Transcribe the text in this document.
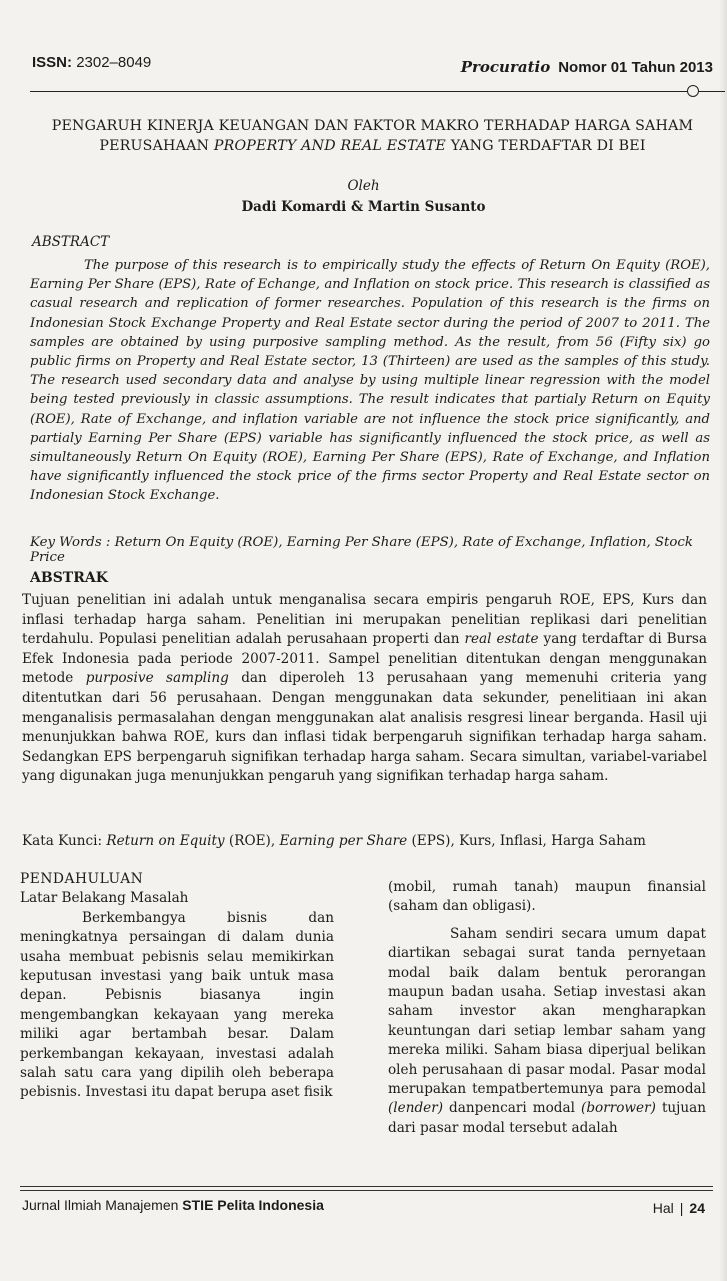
ISSN: 2302–8049	Procuratio Nomor 01 Tahun 2013
PENGARUH KINERJA KEUANGAN DAN FAKTOR MAKRO TERHADAP HARGA SAHAM
PERUSAHAAN PROPERTY AND REAL ESTATE YANG TERDAFTAR DI BEI
Oleh
Dadi Komardi & Martin Susanto
ABSTRACT
The purpose of this research is to empirically study the effects of Return On Equity (ROE), Earning Per Share (EPS), Rate of Echange, and Inflation on stock price. This research is classified as casual research and replication of former researches. Population of this research is the firms on Indonesian Stock Exchange Property and Real Estate sector during the period of 2007 to 2011. The samples are obtained by using purposive sampling method. As the result, from 56 (Fifty six) go public firms on Property and Real Estate sector, 13 (Thirteen) are used as the samples of this study. The research used secondary data and analyse by using multiple linear regression with the model being tested previously in classic assumptions. The result indicates that partialy Return on Equity (ROE), Rate of Exchange, and inflation variable are not influence the stock price significantly, and partialy Earning Per Share (EPS) variable has significantly influenced the stock price, as well as simultaneously Return On Equity (ROE), Earning Per Share (EPS), Rate of Exchange, and Inflation have significantly influenced the stock price of the firms sector Property and Real Estate sector on Indonesian Stock Exchange.
Key Words : Return On Equity (ROE), Earning Per Share (EPS), Rate of Exchange, Inflation, Stock Price
ABSTRAK
Tujuan penelitian ini adalah untuk menganalisa secara empiris pengaruh ROE, EPS, Kurs dan inflasi terhadap harga saham. Penelitian ini merupakan penelitian replikasi dari penelitian terdahulu. Populasi penelitian adalah perusahaan properti dan real estate yang terdaftar di Bursa Efek Indonesia pada periode 2007-2011. Sampel penelitian ditentukan dengan menggunakan metode purposive sampling dan diperoleh 13 perusahaan yang memenuhi criteria yang ditentutkan dari 56 perusahaan. Dengan menggunakan data sekunder, penelitiaan ini akan menganalisis permasalahan dengan menggunakan alat analisis resgresi linear berganda. Hasil uji menunjukkan bahwa ROE, kurs dan inflasi tidak berpengaruh signifikan terhadap harga saham. Sedangkan EPS berpengaruh signifikan terhadap harga saham. Secara simultan, variabel-variabel yang digunakan juga menunjukkan pengaruh yang signifikan terhadap harga saham.
Kata Kunci: Return on Equity (ROE), Earning per Share (EPS), Kurs, Inflasi, Harga Saham
PENDAHULUAN
Latar Belakang Masalah
Berkembangya bisnis dan meningkatnya persaingan di dalam dunia usaha membuat pebisnis selau memikirkan keputusan investasi yang baik untuk masa depan. Pebisnis biasanya ingin mengembangkan kekayaan yang mereka miliki agar bertambah besar. Dalam perkembangan kekayaan, investasi adalah salah satu cara yang dipilih oleh beberapa pebisnis. Investasi itu dapat berupa aset fisik
(mobil, rumah tanah) maupun finansial (saham dan obligasi).
Saham sendiri secara umum dapat diartikan sebagai surat tanda pernyetaan modal baik dalam bentuk perorangan maupun badan usaha. Setiap investasi akan saham investor akan mengharapkan keuntungan dari setiap lembar saham yang mereka miliki. Saham biasa diperjual belikan oleh perusahaan di pasar modal. Pasar modal merupakan tempatbertemunya para pemodal (lender) danpencari modal (borrower) tujuan dari pasar modal tersebut adalah
Jurnal Ilmiah Manajemen STIE Pelita Indonesia	Hal | 24
